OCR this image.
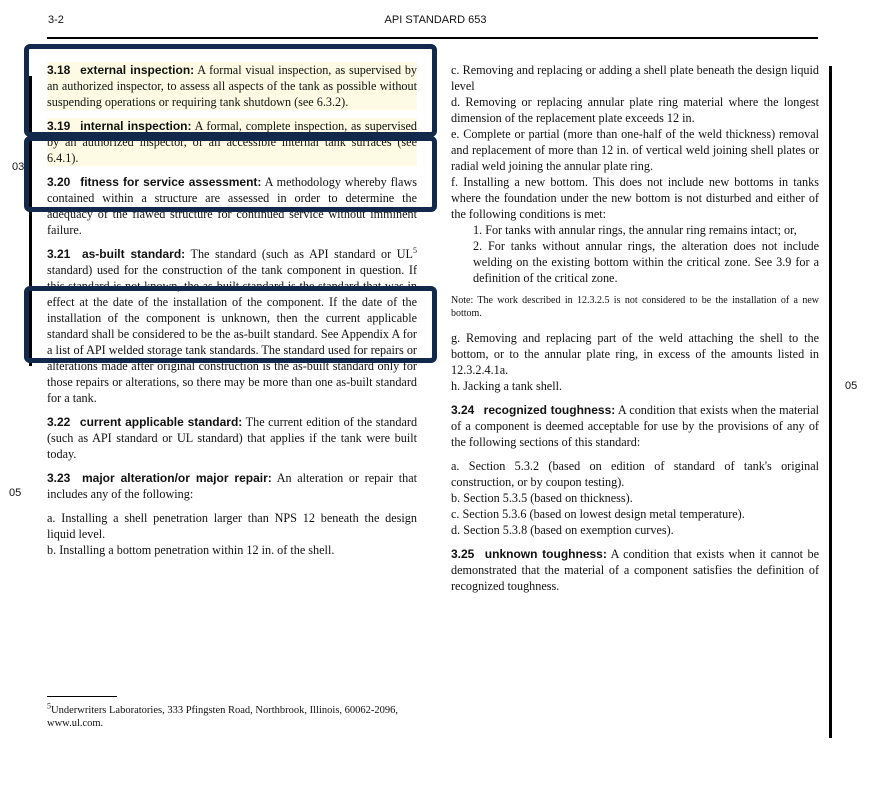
3-2	API STANDARD 653
03
05
05

3.18 external inspection: A formal visual inspection, as supervised by an authorized inspector, to assess all aspects of the tank as possible without suspending operations or requiring tank shutdown (see 6.3.2).

3.19 internal inspection: A formal, complete inspection, as supervised by an authorized inspector, of all accessible internal tank surfaces (see 6.4.1).

3.20 fitness for service assessment: A methodology whereby flaws contained within a structure are assessed in order to determine the adequacy of the flawed structure for continued service without imminent failure.

3.21 as-built standard: The standard (such as API standard or $UL^5$ standard) used for the construction of the tank component in question. If this standard is not known, the as-built standard is the standard that was in effect at the date of the installation of the component. If the date of the installation of the component is unknown, then the current applicable standard shall be considered to be the as-built standard. See Appendix A for a list of API welded storage tank standards. The standard used for repairs or alterations made after original construction is the as-built standard only for those repairs or alterations, so there may be more than one as-built standard for a tank.

3.22 current applicable standard: The current edition of the standard (such as API standard or UL standard) that applies if the tank were built today.

3.23 major alteration/or major repair: An alteration or repair that includes any of the following:

a. Installing a shell penetration larger than NPS 12 beneath the design liquid level.

b. Installing a bottom penetration within 12 in. of the shell.

$^5$Underwriters Laboratories, 333 Pfingsten Road, Northbrook, Illinois, 60062-2096, www.ul.com.

c. Removing and replacing or adding a shell plate beneath the design liquid level

d. Removing or replacing annular plate ring material where the longest dimension of the replacement plate exceeds 12 in.

e. Complete or partial (more than one-half of the weld thickness) removal and replacement of more than 12 in. of vertical weld joining shell plates or radial weld joining the annular plate ring.

f. Installing a new bottom. This does not include new bottoms in tanks where the foundation under the new bottom is not disturbed and either of the following conditions is met:

1. For tanks with annular rings, the annular ring remains intact; or,

2. For tanks without annular rings, the alteration does not include welding on the existing bottom within the critical zone. See 3.9 for a definition of the critical zone.

Note: The work described in 12.3.2.5 is not considered to be the installation of a new bottom.

g. Removing and replacing part of the weld attaching the shell to the bottom, or to the annular plate ring, in excess of the amounts listed in 12.3.2.4.1a.

h. Jacking a tank shell.

3.24 recognized toughness: A condition that exists when the material of a component is deemed acceptable for use by the provisions of any of the following sections of this standard:

a. Section 5.3.2 (based on edition of standard of tank's original construction, or by coupon testing).

b. Section 5.3.5 (based on thickness).

c. Section 5.3.6 (based on lowest design metal temperature).

d. Section 5.3.8 (based on exemption curves).

3.25 unknown toughness: A condition that exists when it cannot be demonstrated that the material of a component satisfies the definition of recognized toughness.
